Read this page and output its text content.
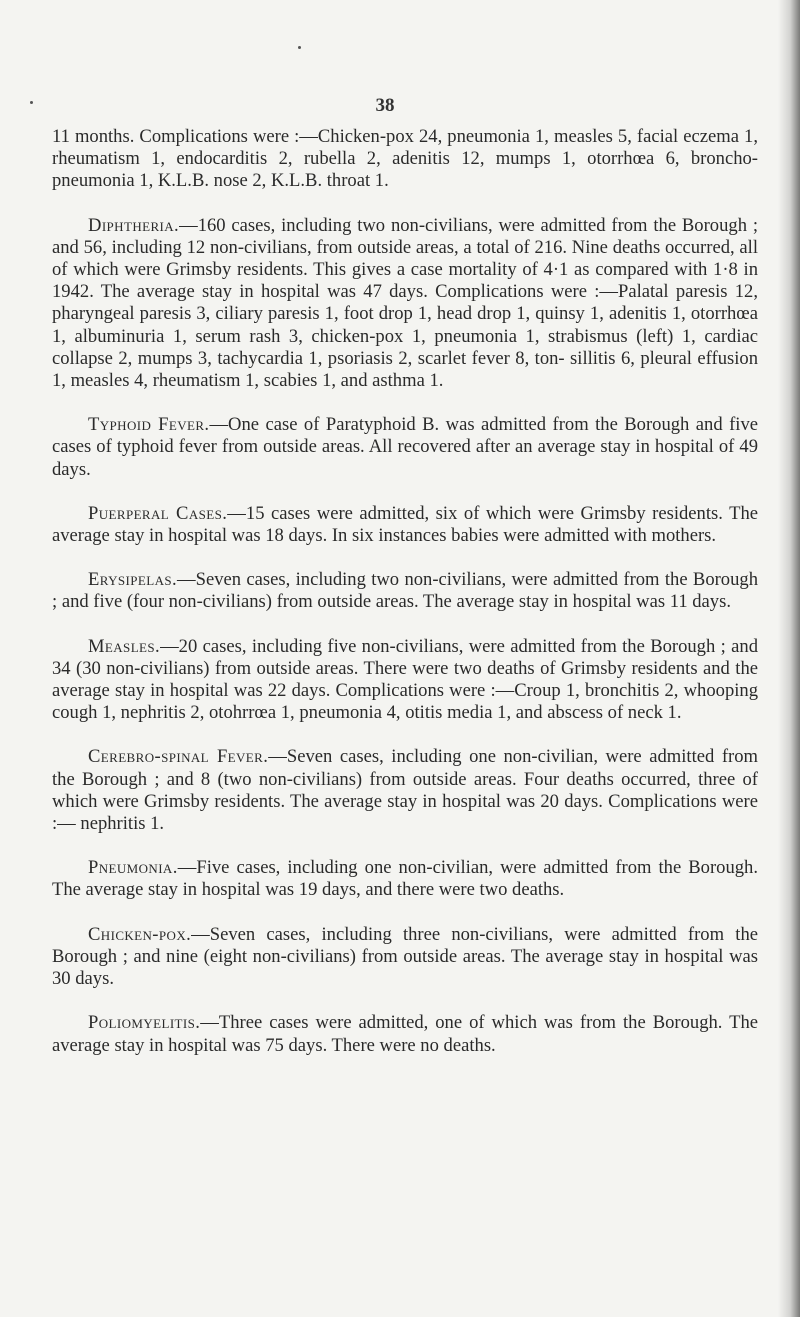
38

11 months. Complications were :—Chicken-pox 24, pneumonia 1, measles 5, facial eczema 1, rheumatism 1, endocarditis 2, rubella 2, adenitis 12, mumps 1, otorrhœa 6, broncho-pneumonia 1, K.L.B. nose 2, K.L.B. throat 1.

Diphtheria.—160 cases, including two non-civilians, were admitted from the Borough ; and 56, including 12 non-civilians, from outside areas, a total of 216. Nine deaths occurred, all of which were Grimsby residents. This gives a case mortality of 4·1 as compared with 1·8 in 1942. The average stay in hospital was 47 days. Complications were :—Palatal paresis 12, pharyngeal paresis 3, ciliary paresis 1, foot drop 1, head drop 1, quinsy 1, adenitis 1, otorrhœa 1, albuminuria 1, serum rash 3, chicken-pox 1, pneumonia 1, strabismus (left) 1, cardiac collapse 2, mumps 3, tachycardia 1, psoriasis 2, scarlet fever 8, ton- sillitis 6, pleural effusion 1, measles 4, rheumatism 1, scabies 1, and asthma 1.

Typhoid Fever.—One case of Paratyphoid B. was admitted from the Borough and five cases of typhoid fever from outside areas. All recovered after an average stay in hospital of 49 days.

Puerperal Cases.—15 cases were admitted, six of which were Grimsby residents. The average stay in hospital was 18 days. In six instances babies were admitted with mothers.

Erysipelas.—Seven cases, including two non-civilians, were admitted from the Borough ; and five (four non-civilians) from outside areas. The average stay in hospital was 11 days.

Measles.—20 cases, including five non-civilians, were admitted from the Borough ; and 34 (30 non-civilians) from outside areas. There were two deaths of Grimsby residents and the average stay in hospital was 22 days. Complications were :—Croup 1, bronchitis 2, whooping cough 1, nephritis 2, otohrrœa 1, pneumonia 4, otitis media 1, and abscess of neck 1.

Cerebro-spinal Fever.—Seven cases, including one non-civilian, were admitted from the Borough ; and 8 (two non-civilians) from outside areas. Four deaths occurred, three of which were Grimsby residents. The average stay in hospital was 20 days. Complications were :— nephritis 1.

Pneumonia.—Five cases, including one non-civilian, were admitted from the Borough. The average stay in hospital was 19 days, and there were two deaths.

Chicken-pox.—Seven cases, including three non-civilians, were admitted from the Borough ; and nine (eight non-civilians) from outside areas. The average stay in hospital was 30 days.

Poliomyelitis.—Three cases were admitted, one of which was from the Borough. The average stay in hospital was 75 days. There were no deaths.
